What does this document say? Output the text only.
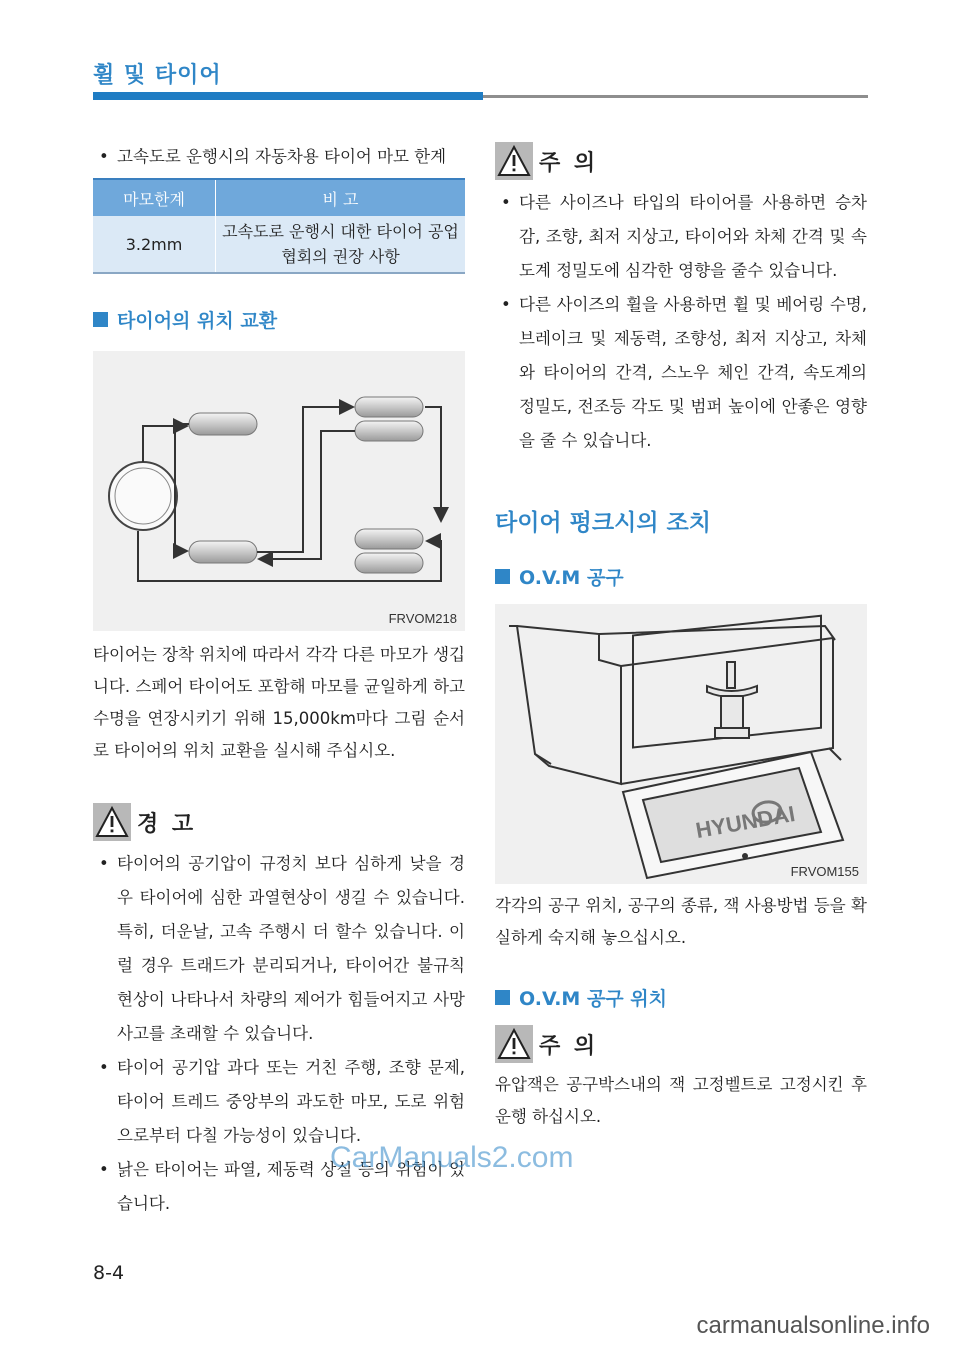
휠 및 타이어
• 고속도로 운행시의 자동차용 타이어 마모 한계
마모한계	비 고
3.2mm	고속도로 운행시 대한 타이어 공업
협회의 권장 사항
타이어의 위치 교환
FRVOM218
타이어는 장착 위치에 따라서 각각 다른 마모가 생깁니다. 스페어 타이어도 포함해 마모를 균일하게 하고 수명을 연장시키기 위해 15,000km마다 그림 순서로 타이어의 위치 교환을 실시해 주십시오.
경 고
• 타이어의 공기압이 규정치 보다 심하게 낮을 경우 타이어에 심한 과열현상이 생길 수 있습니다. 특히, 더운날, 고속 주행시 더 할수 있습니다. 이럴 경우 트래드가 분리되거나, 타이어간 불규칙 현상이 나타나서 차량의 제어가 힘들어지고 사망사고를 초래할 수 있습니다.
• 타이어 공기압 과다 또는 거친 주행, 조향 문제, 타이어 트레드 중앙부의 과도한 마모, 도로 위험으로부터 다칠 가능성이 있습니다.
• 낡은 타이어는 파열, 제동력 상실 등의 위험이 있습니다.
주 의
• 다른 사이즈나 타입의 타이어를 사용하면 승차감, 조향, 최저 지상고, 타이어와 차체 간격 및 속도계 정밀도에 심각한 영향을 줄수 있습니다.
• 다른 사이즈의 휠을 사용하면 휠 및 베어링 수명, 브레이크 및 제동력, 조향성, 최저 지상고, 차체와 타이어의 간격, 스노우 체인 간격, 속도계의 정밀도, 전조등 각도 및 범퍼 높이에 안좋은 영향을 줄 수 있습니다.
타이어 펑크시의 조치
O.V.M 공구
HYUNDAI
FRVOM155
각각의 공구 위치, 공구의 종류, 잭 사용방법 등을 확실하게 숙지해 놓으십시오.
O.V.M 공구 위치
주 의
유압잭은 공구박스내의 잭 고정벨트로 고정시킨 후 운행 하십시오.
CarManuals2.com
8-4
carmanualsonline.info
